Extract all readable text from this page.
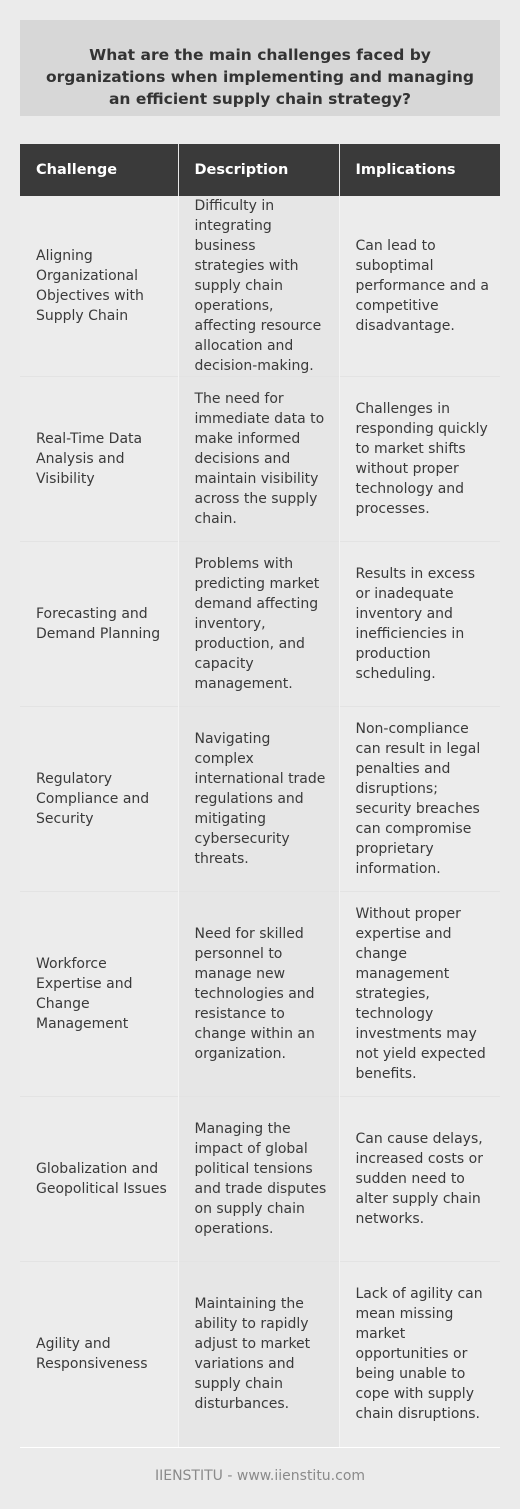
What are the main challenges faced by organizations when implementing and managing an efficient supply chain strategy?
Challenge	Description	Implications
Aligning Organizational Objectives with Supply Chain	Difficulty in integrating business strategies with supply chain operations, affecting resource allocation and decision-making.	Can lead to suboptimal performance and a competitive disadvantage.
Real-Time Data Analysis and Visibility	The need for immediate data to make informed decisions and maintain visibility across the supply chain.	Challenges in responding quickly to market shifts without proper technology and processes.
Forecasting and Demand Planning	Problems with predicting market demand affecting inventory, production, and capacity management.	Results in excess or inadequate inventory and inefficiencies in production scheduling.
Regulatory Compliance and Security	Navigating complex international trade regulations and mitigating cybersecurity threats.	Non-compliance can result in legal penalties and disruptions; security breaches can compromise proprietary information.
Workforce Expertise and Change Management	Need for skilled personnel to manage new technologies and resistance to change within an organization.	Without proper expertise and change management strategies, technology investments may not yield expected benefits.
Globalization and Geopolitical Issues	Managing the impact of global political tensions and trade disputes on supply chain operations.	Can cause delays, increased costs or sudden need to alter supply chain networks.
Agility and Responsiveness	Maintaining the ability to rapidly adjust to market variations and supply chain disturbances.	Lack of agility can mean missing market opportunities or being unable to cope with supply chain disruptions.
IIENSTITU - www.iienstitu.com
